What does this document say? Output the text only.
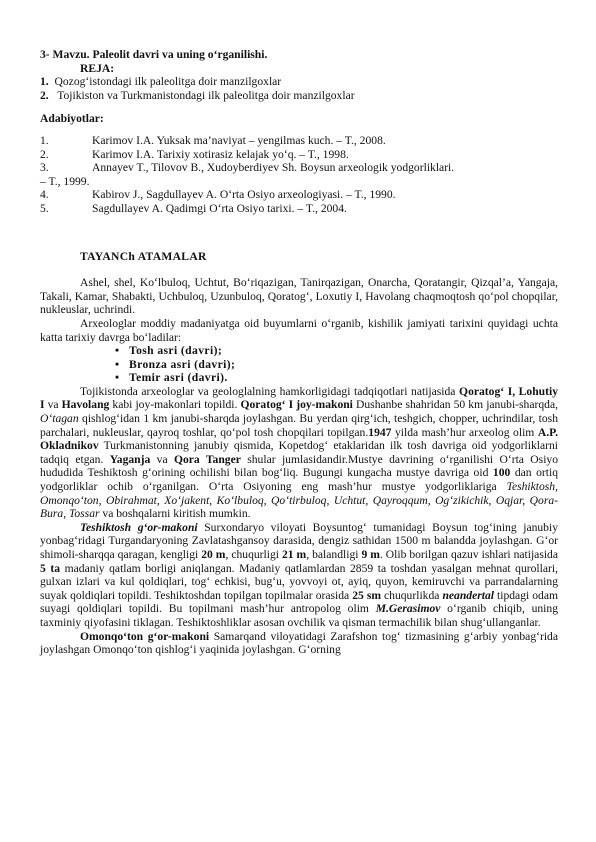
3- Mavzu. Paleolit davri va uning o‘rganilishi.

REJA:

1. Qozog‘istondagi ilk paleolitga doir manzilgoxlar

2. Tojikiston va Turkmanistondagi ilk paleolitga doir manzilgoxlar

Adabiyotlar:

1.	Karimov I.A. Yuksak ma’naviyat – yengilmas kuch. – T., 2008.
2.	Karimov I.A. Tarixiy xotirasiz kelajak yo‘q. – T., 1998.
3.	Annayev T., Tilovov B., Xudoyberdiyev Sh. Boysun arxeologik yodgorliklari.

– T., 1999.

4.	Kabirov J., Sagdullayev A. O‘rta Osiyo arxeologiyasi. – T., 1990.
5.	Sagdullayev A. Qadimgi O‘rta Osiyo tarixi. – T., 2004.

TAYANCh ATAMALAR

Ashel, shel, Ko‘lbuloq, Uchtut, Bo‘riqazigan, Tanirqazigan, Onarcha, Qoratangir, Qizqal’a, Yangaja, Takali, Kamar, Shabakti, Uchbuloq, Uzunbuloq, Qoratog‘, Loxutiy I, Havolang chaqmoqtosh qo‘pol chopqilar, nukleuslar, uchrindi.

Arxeologlar moddiy madaniyatga oid buyumlarni o‘rganib, kishilik jamiyati tarixini quyidagi uchta katta tarixiy davrga bo‘ladilar:

• Tosh asri (davri);

• Bronza asri (davri);

• Temir asri (davri).

Tojikistonda arxeologlar va geologlalning hamkorligidagi tadqiqotlari natijasida Qoratog‘ I, Lohutiy I va Havolang kabi joy-makonlari topildi. Qoratog‘ I joy-makoni Dushanbe shahridan 50 km janubi-sharqda, O‘tagan qishlog‘idan 1 km janubi-sharqda joylashgan. Bu yerdan qirg‘ich, teshgich, chopper, uchrindilar, tosh parchalari, nukleuslar, qayroq toshlar, qo‘pol tosh chopqilari topilgan.1947 yilda mash’hur arxeolog olim A.P. Okladnikov Turkmanistonning janubiy qismida, Kopetdog‘ etaklaridan ilk tosh davriga oid yodgorliklarni tadqiq etgan. Yaganja va Qora Tanger shular jumlasidandir.Mustye davrining o‘rganilishi O‘rta Osiyo hududida Teshiktosh g‘orining ochilishi bilan bog‘liq. Bugungi kungacha mustye davriga oid 100 dan ortiq yodgorliklar ochib o‘rganilgan. O‘rta Osiyoning eng mash’hur mustye yodgorliklariga Teshiktosh, Omonqo‘ton, Obirahmat, Xo‘jakent, Ko‘lbuloq, Qo‘tirbuloq, Uchtut, Qayroqqum, Og‘zikichik, Oqjar, Qora-Bura, Tossar va boshqalarni kiritish mumkin.

Teshiktosh g‘or-makoni Surxondaryo viloyati Boysuntog‘ tumanidagi Boysun tog‘ining janubiy yonbag‘ridagi Turgandaryoning Zavlatashgansoy darasida, dengiz sathidan 1500 m balandda joylashgan. G‘or shimoli-sharqqa qaragan, kengligi 20 m, chuqurligi 21 m, balandligi 9 m. Olib borilgan qazuv ishlari natijasida 5 ta madaniy qatlam borligi aniqlangan. Madaniy qatlamlardan 2859 ta toshdan yasalgan mehnat qurollari, gulxan izlari va kul qoldiqlari, tog‘ echkisi, bug‘u, yovvoyi ot, ayiq, quyon, kemiruvchi va parrandalarning suyak qoldiqlari topildi. Teshiktoshdan topilgan topilmalar orasida 25 sm chuqurlikda neandertal tipdagi odam suyagi qoldiqlari topildi. Bu topilmani mash’hur antropolog olim M.Gerasimov o‘rganib chiqib, uning taxminiy qiyofasini tiklagan. Teshiktoshliklar asosan ovchilik va qisman termachilik bilan shug‘ullanganlar.

Omonqo‘ton g‘or-makoni Samarqand viloyatidagi Zarafshon tog‘ tizmasining g‘arbiy yonbag‘rida joylashgan Omonqo‘ton qishlog‘i yaqinida joylashgan. G‘orning
